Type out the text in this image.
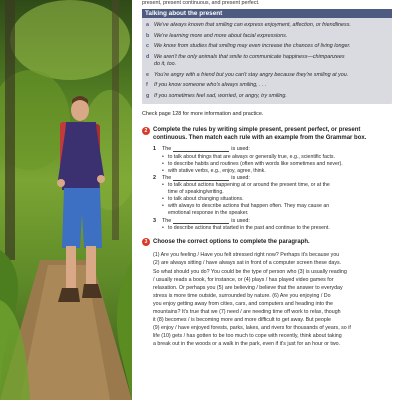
present, present continuous, and present perfect.
Talking about the present
a We've always known that smiling can express enjoyment, affection, or friendliness.
b We're learning more and more about facial expressions.
c We know from studies that smiling may even increase the chances of living longer.
d We aren't the only animals that smile to communicate happiness—chimpanzees
do it, too.
e You're angry with a friend but you can't stay angry because they're smiling at you.
f	If you know someone who's always smiling, . . .
g If you sometimes feel sad, worried, or angry, try smiling.
Check page 128 for more information and practice.
2 Complete the rules by writing simple present, present perfect, or present
continuous. Then match each rule with an example from the Grammar box.
1	The	is used:
• to talk about things that are always or generally true, e.g., scientific facts.
• to describe habits and routines (often with words like sometimes and never).
• with stative verbs, e.g., enjoy, agree, think.
2	The	is used:
• to talk about actions happening at or around the present time, or at the
time of speaking/writing.
• to talk about changing situations.
• with always to describe actions that happen often. They may cause an
emotional response in the speaker.
3	The	is used:
• to describe actions that started in the past and continue to the present.
3 Choose the correct options to complete the paragraph.

(1) Are you feeling / Have you felt stressed right now? Perhaps it's because you

(2) are always sitting / have always sat in front of a computer screen these days.

So what should you do? You could be the type of person who (3) is usually reading

/ usually reads a book, for instance, or (4) plays / has played video games for

relaxation. Or perhaps you (5) are believing / believe that the answer to everyday

stress is more time outside, surrounded by nature. (6) Are you enjoying / Do

you enjoy getting away from cities, cars, and computers and heading into the

mountains? It's true that we (7) need / are needing time off work to relax, though

it (8) becomes / is becoming more and more difficult to get away. But people

(9) enjoy / have enjoyed forests, parks, lakes, and rivers for thousands of years, so if

life (10) gets / has gotten to be too much to cope with recently, think about taking

a break out in the woods or a walk in the park, even if it's just for an hour or two.
